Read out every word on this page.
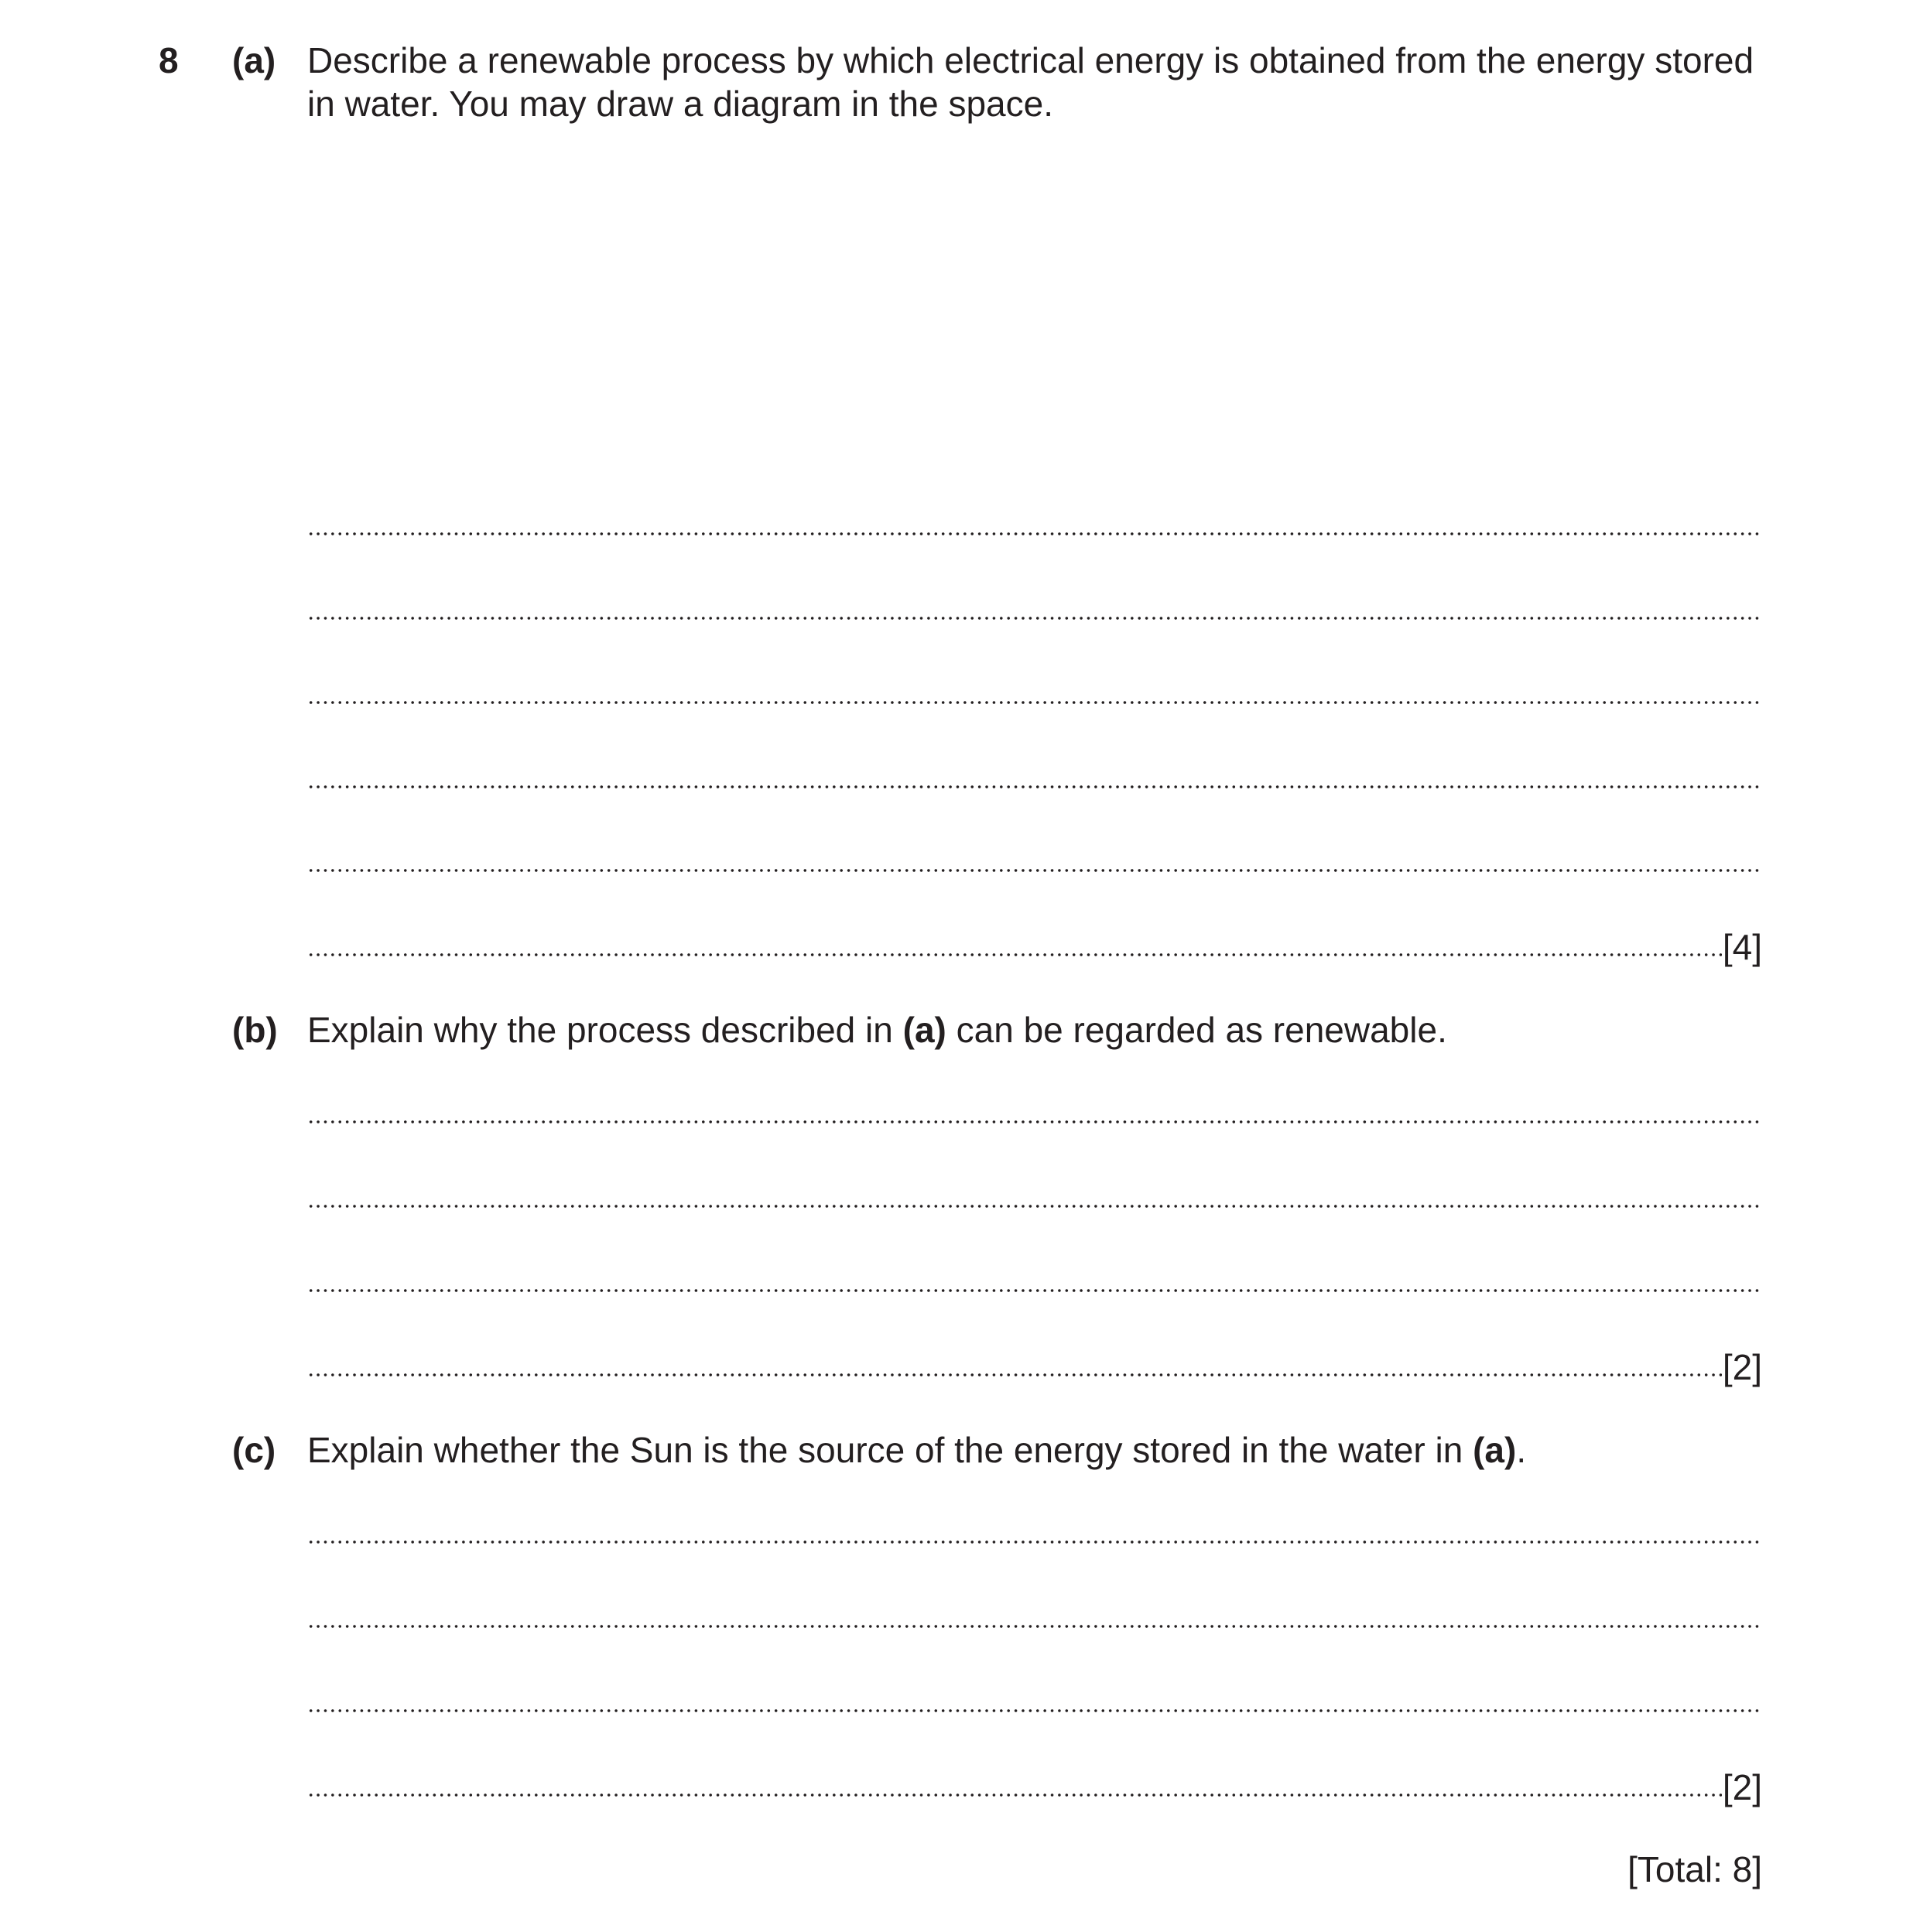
8 (a) Describe a renewable process by which electrical energy is obtained from the energy stored
in water. You may draw a diagram in the space.
[4]
(b) Explain why the process described in (a) can be regarded as renewable.
[2]
(c) Explain whether the Sun is the source of the energy stored in the water in (a).
[2]
[Total: 8]
